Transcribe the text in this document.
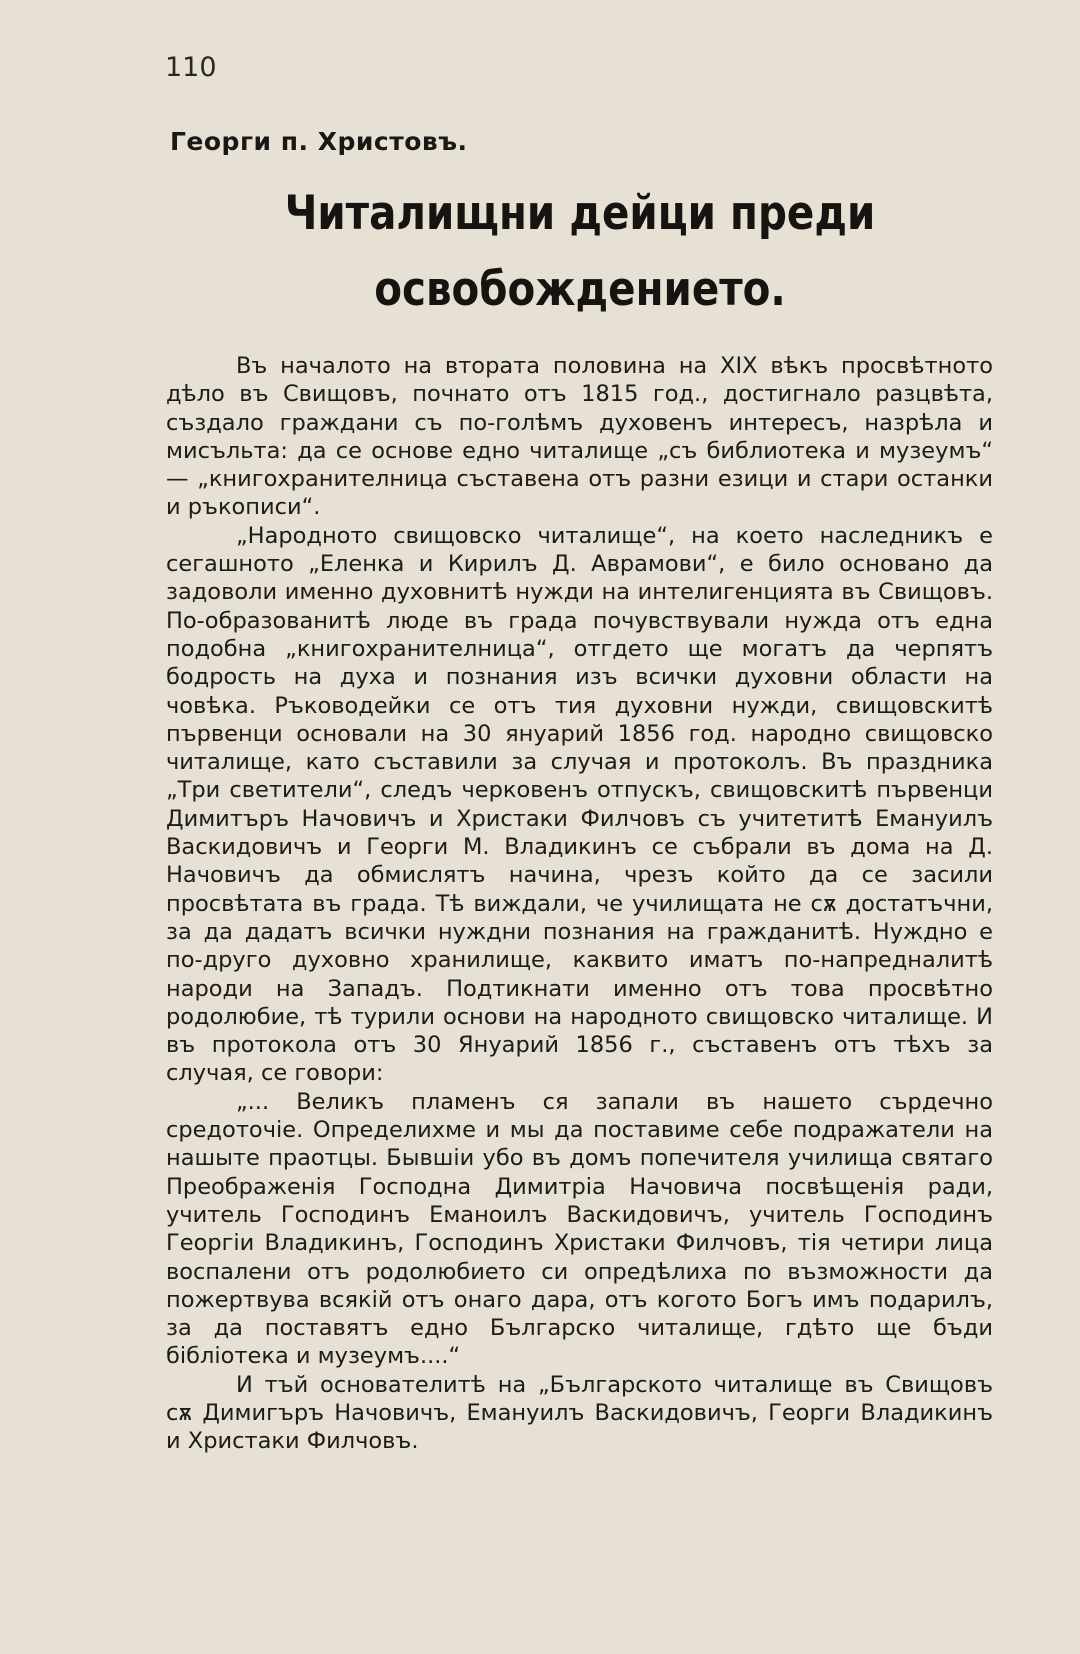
110
Георги п. Христовъ.
Читалищни дейци преди
освобождението.

Въ началото на втората половина на XIX вѣкъ просвѣтното дѣло въ Свищовъ, почнато отъ 1815 год., достигнало разцвѣта, създало граждани съ по-голѣмъ духовенъ интересъ, назрѣла и мисъльта: да се основе едно читалище „съ библиотека и музеумъ“ — „книгохранителница съставена отъ разни езици и стари останки и ръкописи“.

„Народното свищовско читалище“, на което наследникъ е сегашното „Еленка и Кирилъ Д. Аврамови“, е било основано да задоволи именно духовнитѣ нужди на интелигенцията въ Свищовъ. По-образованитѣ люде въ града почувствували нужда отъ една подобна „книгохранителница“, отгдето ще могатъ да черпятъ бодрость на духа и познания изъ всички духовни области на човѣка. Ръководейки се отъ тия духовни нужди, свищовскитѣ първенци основали на 30 януарий 1856 год. народно свищовско читалище, като съставили за случая и протоколъ. Въ праздника „Три светители“, следъ черковенъ отпускъ, свищовскитѣ първенци Димитъръ Начовичъ и Христаки Филчовъ съ учитетитѣ Емануилъ Васкидовичъ и Георги М. Владикинъ се събрали въ дома на Д. Начовичъ да обмислятъ начина, чрезъ който да се засили просвѣтата въ града. Тѣ виждали, че училищата не сѫ достатъчни, за да дадатъ всички нуждни познания на гражданитѣ. Нуждно е по-друго духовно хранилище, каквито иматъ по-напредналитѣ народи на Западъ. Подтикнати именно отъ това просвѣтно родолюбие, тѣ турили основи на народното свищовско читалище. И въ протокола отъ 30 Януарий 1856 г., съставенъ отъ тѣхъ за случая, се говори:

„... Великъ пламенъ ся запали въ нашето сърдечно средоточіе. Определихме и мы да поставиме себе подражатели на нашыте праотцы. Бывшіи убо въ домъ попечителя училища святаго Преображенія Господна Димитріа Начовича посвѣщенія ради, учитель Господинъ Еманоилъ Васкидовичъ, учитель Господинъ Георгіи Владикинъ, Господинъ Христаки Филчовъ, тія четири лица воспалени отъ родолюбието си опредѣлиха по възможности да пожертвува всякій отъ онаго дара, отъ когото Богъ имъ подарилъ, за да поставятъ едно Българско читалище, гдѣто ще бъди бібліотека и музеумъ....“

И тъй основателитѣ на „Българското читалище въ Свищовъ сѫ Димигъръ Начовичъ, Емануилъ Васкидовичъ, Георги Владикинъ и Христаки Филчовъ.
